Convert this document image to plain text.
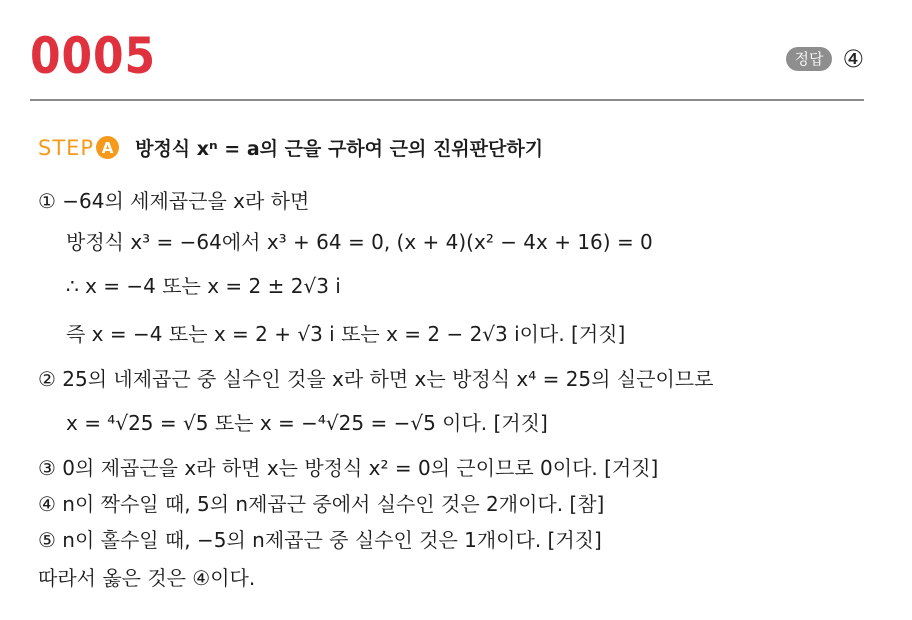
0005	정답 ④
STEP A	방정식 xⁿ = a의 근을 구하여 근의 진위판단하기
① −64의 세제곱근을 x라 하면
방정식 x³ = −64에서 x³ + 64 = 0, (x + 4)(x² − 4x + 16) = 0
∴ x = −4 또는 x = 2 ± 2√3 i
즉 x = −4 또는 x = 2 + √3 i 또는 x = 2 − 2√3 i이다. [거짓]
② 25의 네제곱근 중 실수인 것을 x라 하면 x는 방정식 x⁴ = 25의 실근이므로
x = ⁴√25 = √5 또는 x = −⁴√25 = −√5 이다. [거짓]
③ 0의 제곱근을 x라 하면 x는 방정식 x² = 0의 근이므로 0이다. [거짓]
④ n이 짝수일 때, 5의 n제곱근 중에서 실수인 것은 2개이다. [참]
⑤ n이 홀수일 때, −5의 n제곱근 중 실수인 것은 1개이다. [거짓]
따라서 옳은 것은 ④이다.
